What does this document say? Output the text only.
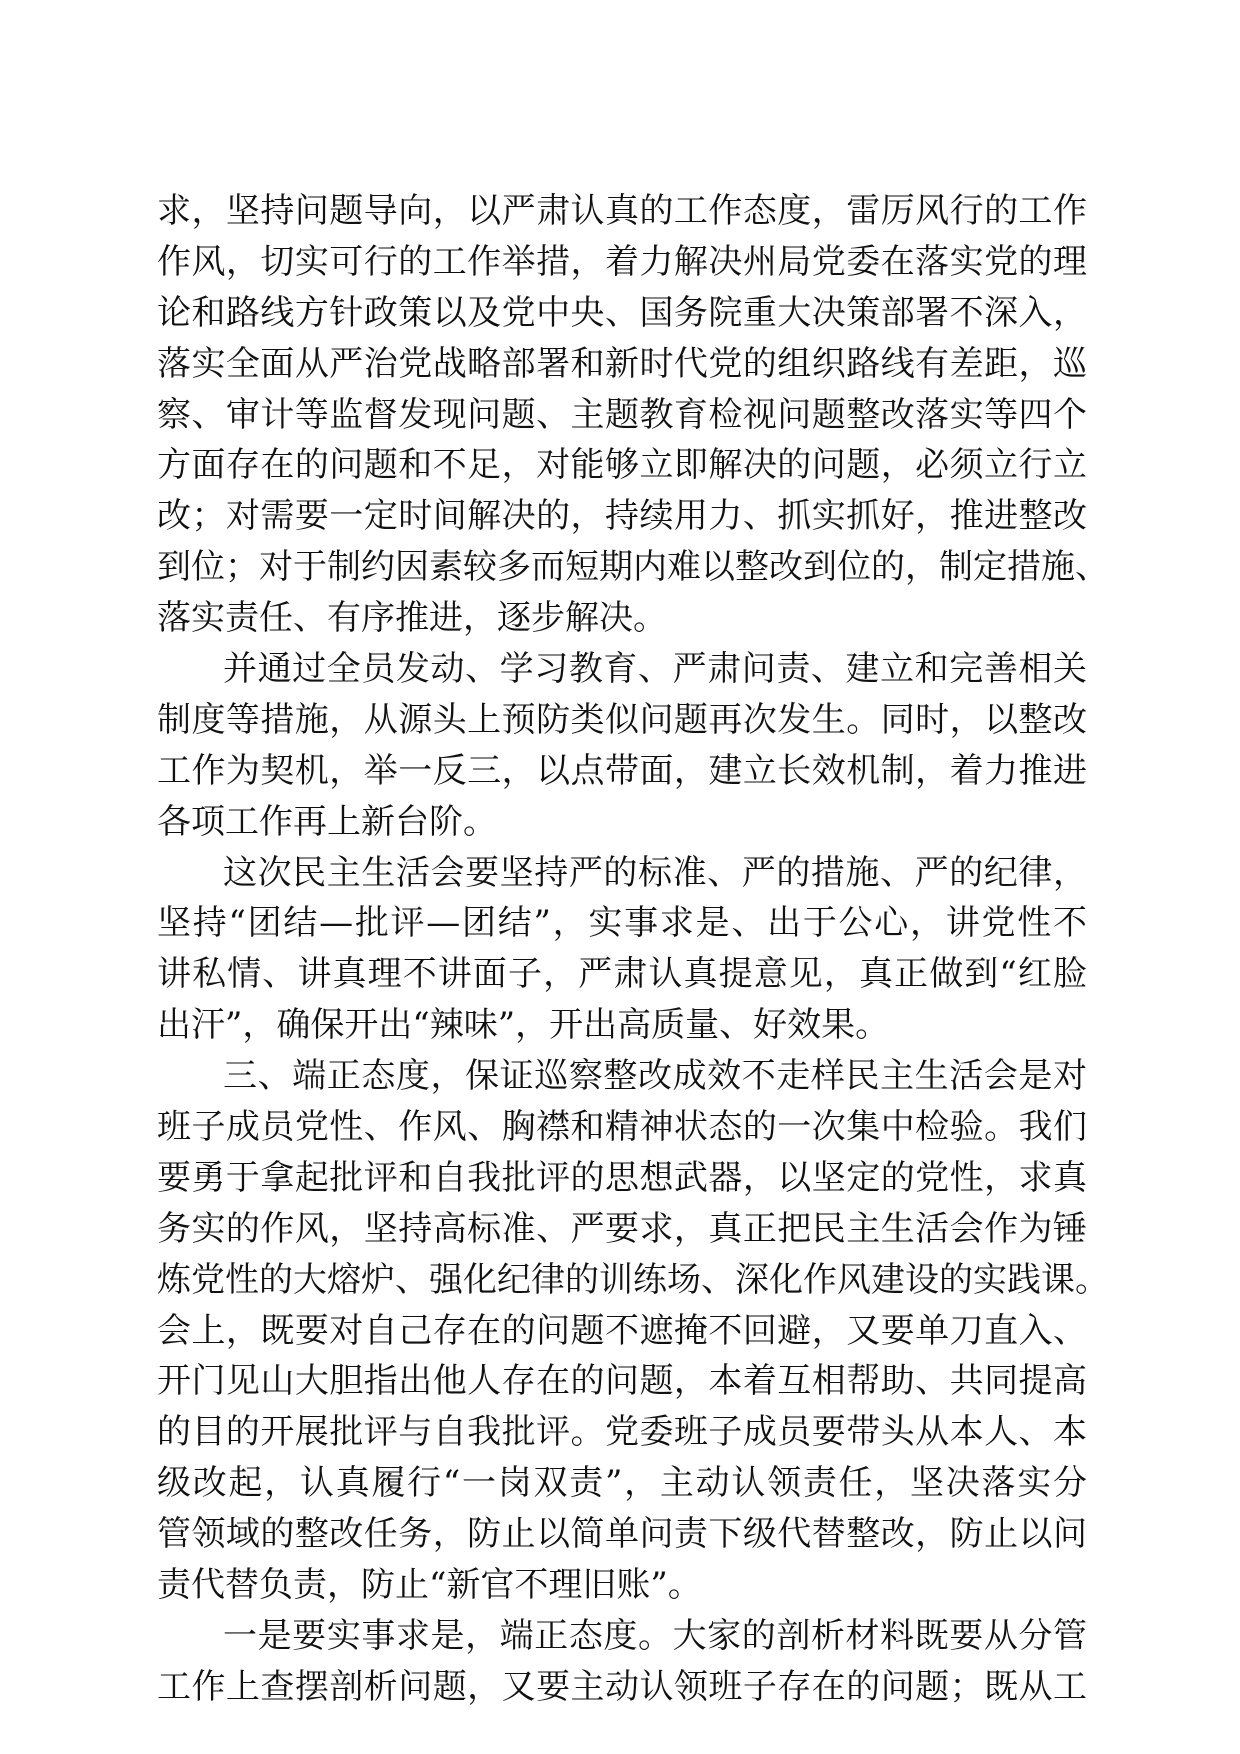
求，坚持问题导向，以严肃认真的工作态度，雷厉风行的工作
作风，切实可行的工作举措，着力解决州局党委在落实党的理
论和路线方针政策以及党中央、国务院重大决策部署不深入，
落实全面从严治党战略部署和新时代党的组织路线有差距，巡
察、审计等监督发现问题、主题教育检视问题整改落实等四个
方面存在的问题和不足，对能够立即解决的问题，必须立行立
改；对需要一定时间解决的，持续用力、抓实抓好，推进整改
到位；对于制约因素较多而短期内难以整改到位的，制定措施、
落实责任、有序推进，逐步解决。
并通过全员发动、学习教育、严肃问责、建立和完善相关
制度等措施，从源头上预防类似问题再次发生。同时，以整改
工作为契机，举一反三，以点带面，建立长效机制，着力推进
各项工作再上新台阶。
这次民主生活会要坚持严的标准、严的措施、严的纪律，
坚持“团结—批评—团结”，实事求是、出于公心，讲党性不
讲私情、讲真理不讲面子，严肃认真提意见，真正做到“红脸
出汗”，确保开出“辣味”，开出高质量、好效果。
三、端正态度，保证巡察整改成效不走样民主生活会是对
班子成员党性、作风、胸襟和精神状态的一次集中检验。我们
要勇于拿起批评和自我批评的思想武器，以坚定的党性，求真
务实的作风，坚持高标准、严要求，真正把民主生活会作为锤
炼党性的大熔炉、强化纪律的训练场、深化作风建设的实践课。
会上，既要对自己存在的问题不遮掩不回避，又要单刀直入、
开门见山大胆指出他人存在的问题，本着互相帮助、共同提高
的目的开展批评与自我批评。党委班子成员要带头从本人、本
级改起，认真履行“一岗双责”，主动认领责任，坚决落实分
管领域的整改任务，防止以简单问责下级代替整改，防止以问
责代替负责，防止“新官不理旧账”。
一是要实事求是，端正态度。大家的剖析材料既要从分管
工作上查摆剖析问题，又要主动认领班子存在的问题；既从工
